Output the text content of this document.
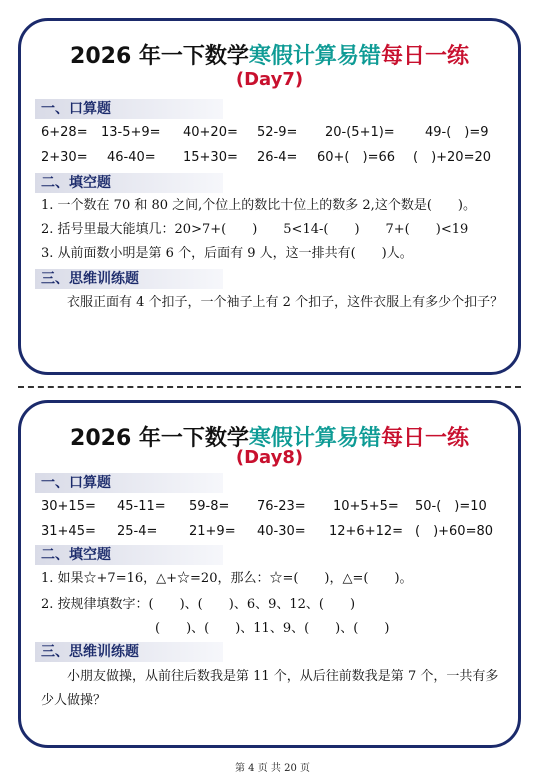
2026 年一下数学寒假计算易错每日一练
(Day7)
一、口算题
6+28= 13-5+9= 40+20= 52-9= 20-(5+1)= 49-(　)=9
2+30= 46-40= 15+30= 26-4= 60+(　)=66 (　)+20=20
二、填空题
1. 一个数在 70 和 80 之间,个位上的数比十位上的数多 2,这个数是(　　)。
2. 括号里最大能填几：20>7+(　　)　　5<14-(　　)　　7+(　　)<19
3. 从前面数小明是第 6 个，后面有 9 人，这一排共有(　　)人。
三、思维训练题
衣服正面有 4 个扣子，一个袖子上有 2 个扣子，这件衣服上有多少个扣子？
2026 年一下数学寒假计算易错每日一练
(Day8)
一、口算题
30+15= 45-11= 59-8= 76-23= 10+5+5= 50-(　)=10
31+45= 25-4= 21+9= 40-30= 12+6+12= (　)+60=80
二、填空题
1. 如果☆+7=16，△+☆=20，那么：☆=(　　)，△=(　　)。
2. 按规律填数字：(　　)、(　　)、6、9、12、(　　)
(　　)、(　　)、11、9、(　　)、(　　)
三、思维训练题
小朋友做操，从前往后数我是第 11 个，从后往前数我是第 7 个，一共有多少人做操？
第 4 页 共 20 页
